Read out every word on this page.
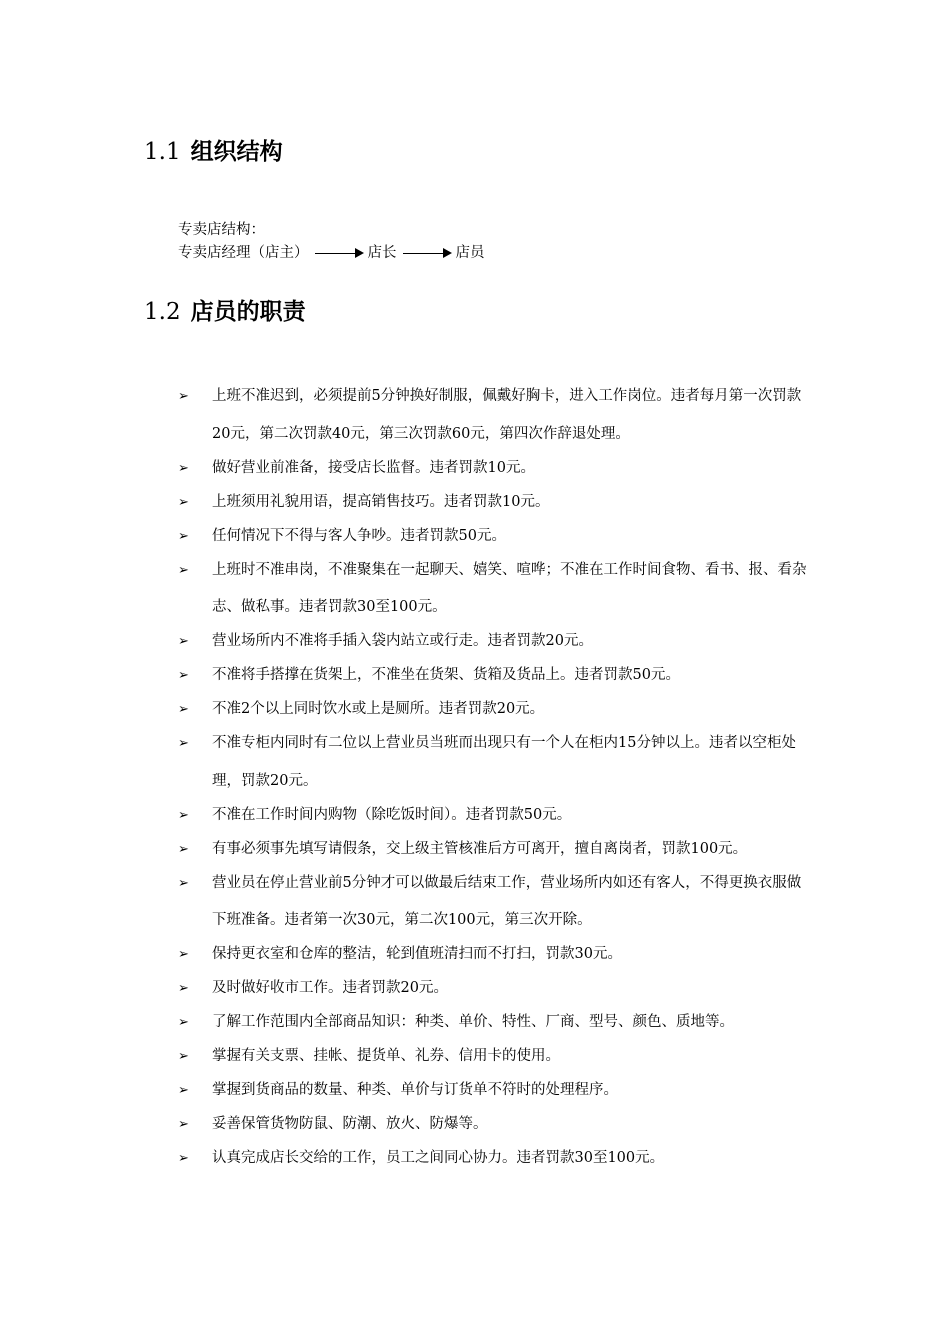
1.1 组织结构
专卖店结构：
专卖店经理（店主）	店长	店员
1.2 店员的职责
➢ 上班不准迟到，必须提前5分钟换好制服，佩戴好胸卡，进入工作岗位。违者每月第一次罚款20元，第二次罚款40元，第三次罚款60元，第四次作辞退处理。
➢ 做好营业前准备，接受店长监督。违者罚款10元。
➢ 上班须用礼貌用语，提高销售技巧。违者罚款10元。
➢ 任何情况下不得与客人争吵。违者罚款50元。
➢ 上班时不准串岗，不准聚集在一起聊天、嬉笑、喧哗；不准在工作时间食物、看书、报、看杂志、做私事。违者罚款30至100元。
➢ 营业场所内不准将手插入袋内站立或行走。违者罚款20元。
➢ 不准将手搭撑在货架上，不准坐在货架、货箱及货品上。违者罚款50元。
➢ 不准2个以上同时饮水或上是厕所。违者罚款20元。
➢ 不准专柜内同时有二位以上营业员当班而出现只有一个人在柜内15分钟以上。违者以空柜处理，罚款20元。
➢ 不准在工作时间内购物（除吃饭时间）。违者罚款50元。
➢ 有事必须事先填写请假条，交上级主管核准后方可离开，擅自离岗者，罚款100元。
➢ 营业员在停止营业前5分钟才可以做最后结束工作，营业场所内如还有客人，不得更换衣服做下班准备。违者第一次30元，第二次100元，第三次开除。
➢ 保持更衣室和仓库的整洁，轮到值班清扫而不打扫，罚款30元。
➢ 及时做好收市工作。违者罚款20元。
➢ 了解工作范围内全部商品知识：种类、单价、特性、厂商、型号、颜色、质地等。
➢ 掌握有关支票、挂帐、提货单、礼券、信用卡的使用。
➢ 掌握到货商品的数量、种类、单价与订货单不符时的处理程序。
➢ 妥善保管货物防鼠、防潮、放火、防爆等。
➢ 认真完成店长交给的工作，员工之间同心协力。违者罚款30至100元。
